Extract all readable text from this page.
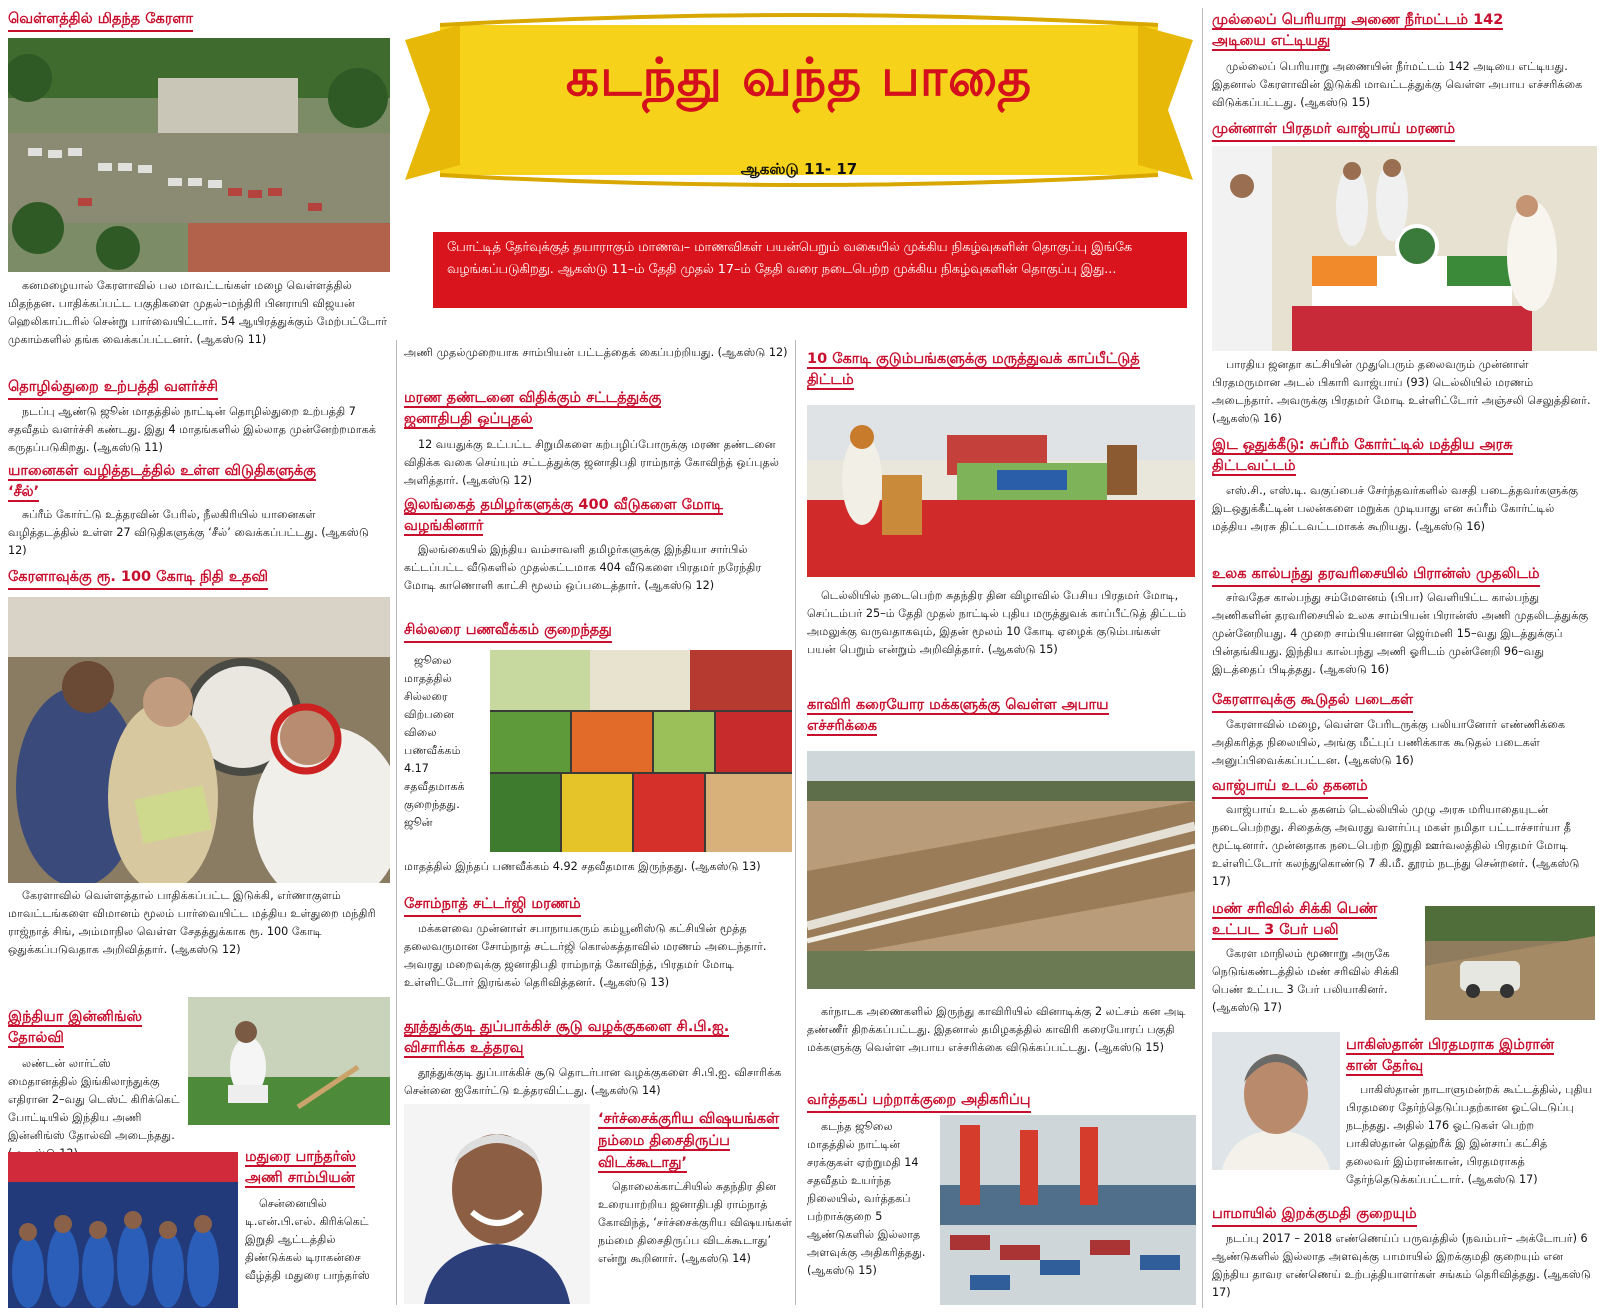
வெள்ளத்தில் மிதந்த கேரளா

கனமழையால் கேரளாவில் பல மாவட்டங்கள் மழை வெள்ளத்தில் மிதந்தன. பாதிக்கப்பட்ட பகுதிகளை முதல்–மந்திரி பினராயி விஜயன் ஹெலிகாப்டரில் சென்று பார்வையிட்டார். 54 ஆயிரத்துக்கும் மேற்பட்டோர் முகாம்களில் தங்க வைக்கப்பட்டனர். (ஆகஸ்டு 11)

தொழில்துறை உற்பத்தி வளர்ச்சி

நடப்பு ஆண்டு ஜூன் மாதத்தில் நாட்டின் தொழில்துறை உற்பத்தி 7 சதவீதம் வளர்ச்சி கண்டது. இது 4 மாதங்களில் இல்லாத முன்னேற்றமாகக் கருதப்படுகிறது. (ஆகஸ்டு 11)

யானைகள் வழித்தடத்தில் உள்ள விடுதிகளுக்கு
‘சீல்’

சுப்ரீம் கோர்ட்டு உத்தரவின் பேரில், நீலகிரியில் யானைகள் வழித்தடத்தில் உள்ள 27 விடுதிகளுக்கு ‘சீல்’ வைக்கப்பட்டது. (ஆகஸ்டு 12)

கேரளாவுக்கு ரூ. 100 கோடி நிதி உதவி

கேரளாவில் வெள்ளத்தால் பாதிக்கப்பட்ட இடுக்கி, எர்ணாகுளம் மாவட்டங்களை விமானம் மூலம் பார்வையிட்ட மத்திய உள்துறை மந்திரி ராஜ்நாத் சிங், அம்மாநில வெள்ள சேதத்துக்காக ரூ. 100 கோடி ஒதுக்கப்படுவதாக அறிவித்தார். (ஆகஸ்டு 12)

இந்தியா இன்னிங்ஸ்
தோல்வி

லண்டன் லார்ட்ஸ் மைதானத்தில் இங்கிலாந்துக்கு எதிரான 2–வது டெஸ்ட் கிரிக்கெட் போட்டியில் இந்திய அணி இன்னிங்ஸ் தோல்வி அடைந்தது.

மதுரை பாந்தர்ஸ்
அணி சாம்பியன்

சென்னையில் டி.என்.பி.எல். கிரிக்கெட் இறுதி ஆட்டத்தில் திண்டுக்கல் டிராகன்சை வீழ்த்தி மதுரை பாந்தர்ஸ்

கடந்து வந்த பாதை
ஆகஸ்டு 11- 17

போட்டித் தேர்வுக்குத் தயாராகும் மாணவ– மாணவிகள் பயன்பெறும் வகையில் முக்கிய நிகழ்வுகளின் தொகுப்பு இங்கே வழங்கப்படுகிறது. ஆகஸ்டு 11–ம் தேதி முதல் 17–ம் தேதி வரை நடைபெற்ற முக்கிய நிகழ்வுகளின் தொகுப்பு இது...

அணி முதல்முறையாக சாம்பியன் பட்டத்தைக் கைப்பற்றியது. (ஆகஸ்டு 12)

மரண தண்டனை விதிக்கும் சட்டத்துக்கு
ஜனாதிபதி ஒப்புதல்

12 வயதுக்கு உட்பட்ட சிறுமிகளை கற்பழிப்போருக்கு மரண தண்டனை விதிக்க வகை செய்யும் சட்டத்துக்கு ஜனாதிபதி ராம்நாத் கோவிந்த் ஒப்புதல் அளித்தார். (ஆகஸ்டு 12)

இலங்கைத் தமிழர்களுக்கு 400 வீடுகளை மோடி
வழங்கினார்

இலங்கையில் இந்திய வம்சாவளி தமிழர்களுக்கு இந்தியா சார்பில் கட்டப்பட்ட வீடுகளில் முதல்கட்டமாக 404 வீடுகளை பிரதமர் நரேந்திர மோடி காணொளி காட்சி மூலம் ஒப்படைத்தார். (ஆகஸ்டு 12)

சில்லரை பணவீக்கம் குறைந்தது

ஜூலை மாதத்தில் சில்லரை விற்பனை விலை பணவீக்கம் 4.17 சதவீதமாகக் குறைந்தது. ஜூன்

மாதத்தில் இந்தப் பணவீக்கம் 4.92 சதவீதமாக இருந்தது. (ஆகஸ்டு 13)

சோம்நாத் சட்டர்ஜி மரணம்

மக்களவை முன்னாள் சபாநாயகரும் கம்யூனிஸ்டு கட்சியின் மூத்த தலைவருமான சோம்நாத் சட்டர்ஜி கொல்கத்தாவில் மரணம் அடைந்தார். அவரது மறைவுக்கு ஜனாதிபதி ராம்நாத் கோவிந்த், பிரதமர் மோடி உள்ளிட்டோர் இரங்கல் தெரிவித்தனர். (ஆகஸ்டு 13)

தூத்துக்குடி துப்பாக்கிச் சூடு வழக்குகளை சி.பி.ஐ.
விசாரிக்க உத்தரவு

தூத்துக்குடி துப்பாக்கிச் சூடு தொடர்பான வழக்குகளை சி.பி.ஐ. விசாரிக்க சென்னை ஐகோர்ட்டு உத்தரவிட்டது. (ஆகஸ்டு 14)

‘சர்ச்சைக்குரிய விஷயங்கள் நம்மை திசைதிருப்ப விடக்கூடாது’

தொலைக்காட்சியில் சுதந்திர தின உரையாற்றிய ஜனாதிபதி ராம்நாத் கோவிந்த், ‘சர்ச்சைக்குரிய விஷயங்கள் நம்மை திசைதிருப்ப விடக்கூடாது’ என்று கூறினார். (ஆகஸ்டு 14)

10 கோடி குடும்பங்களுக்கு மருத்துவக் காப்பீட்டுத்
திட்டம்

டெல்லியில் நடைபெற்ற சுதந்திர தின விழாவில் பேசிய பிரதமர் மோடி, செப்டம்பர் 25–ம் தேதி முதல் நாட்டில் புதிய மருத்துவக் காப்பீட்டுத் திட்டம் அமலுக்கு வருவதாகவும், இதன் மூலம் 10 கோடி ஏழைக் குடும்பங்கள் பயன் பெறும் என்றும் அறிவித்தார். (ஆகஸ்டு 15)

காவிரி கரையோர மக்களுக்கு வெள்ள அபாய
எச்சரிக்கை

கர்நாடக அணைகளில் இருந்து காவிரியில் வினாடிக்கு 2 லட்சம் கன அடி தண்ணீர் திறக்கப்பட்டது. இதனால் தமிழகத்தில் காவிரி கரையோரப் பகுதி மக்களுக்கு வெள்ள அபாய எச்சரிக்கை விடுக்கப்பட்டது. (ஆகஸ்டு 15)

வர்த்தகப் பற்றாக்குறை அதிகரிப்பு

கடந்த ஜூலை மாதத்தில் நாட்டின் சரக்குகள் ஏற்றுமதி 14 சதவீதம் உயர்ந்த நிலையில், வர்த்தகப் பற்றாக்குறை 5 ஆண்டுகளில் இல்லாத அளவுக்கு அதிகரித்தது. (ஆகஸ்டு 15)

முல்லைப் பெரியாறு அணை நீர்மட்டம் 142
அடியை எட்டியது

முல்லைப் பெரியாறு அணையின் நீர்மட்டம் 142 அடியை எட்டியது. இதனால் கேரளாவின் இடுக்கி மாவட்டத்துக்கு வெள்ள அபாய எச்சரிக்கை விடுக்கப்பட்டது. (ஆகஸ்டு 15)

முன்னாள் பிரதமர் வாஜ்பாய் மரணம்

பாரதிய ஜனதா கட்சியின் முதுபெரும் தலைவரும் முன்னாள் பிரதமருமான அடல் பிகாரி வாஜ்பாய் (93) டெல்லியில் மரணம் அடைந்தார். அவருக்கு பிரதமர் மோடி உள்ளிட்டோர் அஞ்சலி செலுத்தினர். (ஆகஸ்டு 16)

இட ஒதுக்கீடு: சுப்ரீம் கோர்ட்டில் மத்திய அரசு
திட்டவட்டம்

எஸ்.சி., எஸ்.டி. வகுப்பைச் சேர்ந்தவர்களில் வசதி படைத்தவர்களுக்கு இடஒதுக்கீட்டின் பலன்களை மறுக்க முடியாது என சுப்ரீம் கோர்ட்டில் மத்திய அரசு திட்டவட்டமாகக் கூறியது. (ஆகஸ்டு 16)

உலக கால்பந்து தரவரிசையில் பிரான்ஸ் முதலிடம்

சர்வதேச கால்பந்து சம்மேளனம் (பிபா) வெளியிட்ட கால்பந்து அணிகளின் தரவரிசையில் உலக சாம்பியன் பிரான்ஸ் அணி முதலிடத்துக்கு முன்னேறியது. 4 முறை சாம்பியனான ஜெர்மனி 15–வது இடத்துக்குப் பின்தங்கியது. இந்திய கால்பந்து அணி ஓரிடம் முன்னேறி 96–வது இடத்தைப் பிடித்தது. (ஆகஸ்டு 16)

கேரளாவுக்கு கூடுதல் படைகள்

கேரளாவில் மழை, வெள்ள பேரிடருக்கு பலியானோர் எண்ணிக்கை அதிகரித்த நிலையில், அங்கு மீட்புப் பணிக்காக கூடுதல் படைகள் அனுப்பிவைக்கப்பட்டன. (ஆகஸ்டு 16)

வாஜ்பாய் உடல் தகனம்

வாஜ்பாய் உடல் தகனம் டெல்லியில் முழு அரசு மரியாதையுடன் நடைபெற்றது. சிதைக்கு அவரது வளர்ப்பு மகள் நமிதா பட்டாச்சார்யா தீ மூட்டினார். முன்னதாக நடைபெற்ற இறுதி ஊர்வலத்தில் பிரதமர் மோடி உள்ளிட்டோர் கலந்துகொண்டு 7 கி.மீ. தூரம் நடந்து சென்றனர். (ஆகஸ்டு 17)

மண் சரிவில் சிக்கி பெண்
உட்பட 3 பேர் பலி

கேரள மாநிலம் மூணாறு அருகே நெடுங்கண்டத்தில் மண் சரிவில் சிக்கி பெண் உட்பட 3 பேர் பலியாகினர். (ஆகஸ்டு 17)

பாகிஸ்தான் பிரதமராக இம்ரான்
கான் தேர்வு

பாகிஸ்தான் நாடாளுமன்றக் கூட்டத்தில், புதிய பிரதமரை தேர்ந்தெடுப்பதற்கான ஓட்டெடுப்பு நடந்தது. அதில் 176 ஓட்டுகள் பெற்ற பாகிஸ்தான் தெஹ்ரீக் இ இன்சாப் கட்சித் தலைவர் இம்ரான்கான், பிரதமராகத் தேர்ந்தெடுக்கப்பட்டார். (ஆகஸ்டு 17)

பாமாயில் இறக்குமதி குறையும்

நடப்பு 2017 – 2018 எண்ணெய்ப் பருவத்தில் (நவம்பர்– அக்டோபர்) 6 ஆண்டுகளில் இல்லாத அளவுக்கு பாமாயில் இறக்குமதி குறையும் என இந்திய தாவர எண்ணெய் உற்பத்தியாளர்கள் சங்கம் தெரிவித்தது. (ஆகஸ்டு 17)
